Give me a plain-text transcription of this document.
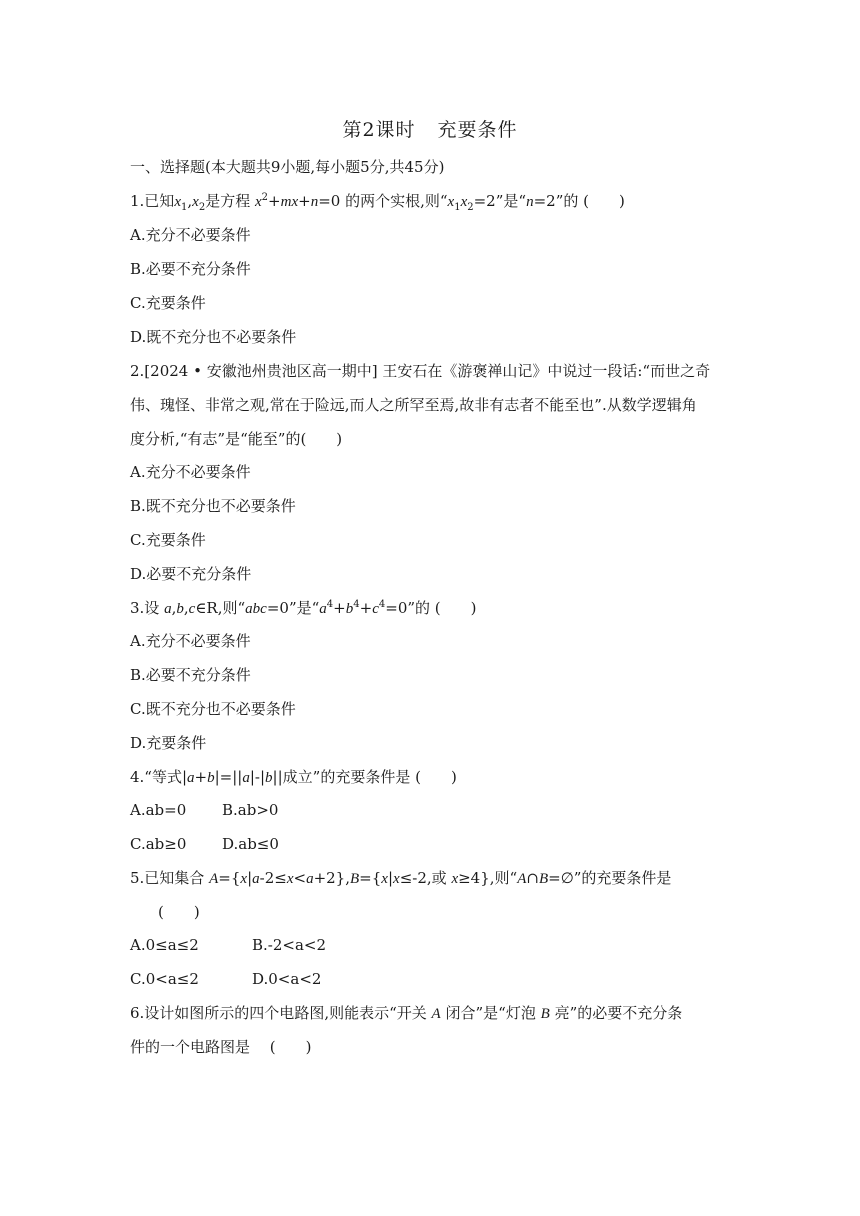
第2课时 充要条件
一、选择题(本大题共9小题,每小题5分,共45分)
1.已知$x_1,x_2$是方程 $x^2+mx+n=0$ 的两个实根,则“$x_1x_2=2$”是“n=2”的 (　　)
A.充分不必要条件
B.必要不充分条件
C.充要条件
D.既不充分也不必要条件
2.[2024 • 安徽池州贵池区高一期中] 王安石在《游褒禅山记》中说过一段话:“而世之奇
伟、瑰怪、非常之观,常在于险远,而人之所罕至焉,故非有志者不能至也”.从数学逻辑角
度分析,“有志”是“能至”的(　　)
A.充分不必要条件
B.既不充分也不必要条件
C.充要条件
D.必要不充分条件
3.设 a,b,c∈R,则“abc=0”是“$a^4+b^4+c^4=0$”的 (　　)
A.充分不必要条件
B.必要不充分条件
C.既不充分也不必要条件
D.充要条件
4.“等式|a+b|=||a|-|b||成立”的充要条件是 (　　)
A.ab=0 B.ab>0
C.ab≥0 D.ab≤0
5.已知集合 A={x|a-2≤x<a+2},B={x|x≤-2,或 x≥4},则“A∩B=∅”的充要条件是
(　　)
A.0≤a≤2	B.-2<a<2
C.0<a≤2	D.0<a<2
6.设计如图所示的四个电路图,则能表示“开关 A 闭合”是“灯泡 B 亮”的必要不充分条
件的一个电路图是　 (　　)
